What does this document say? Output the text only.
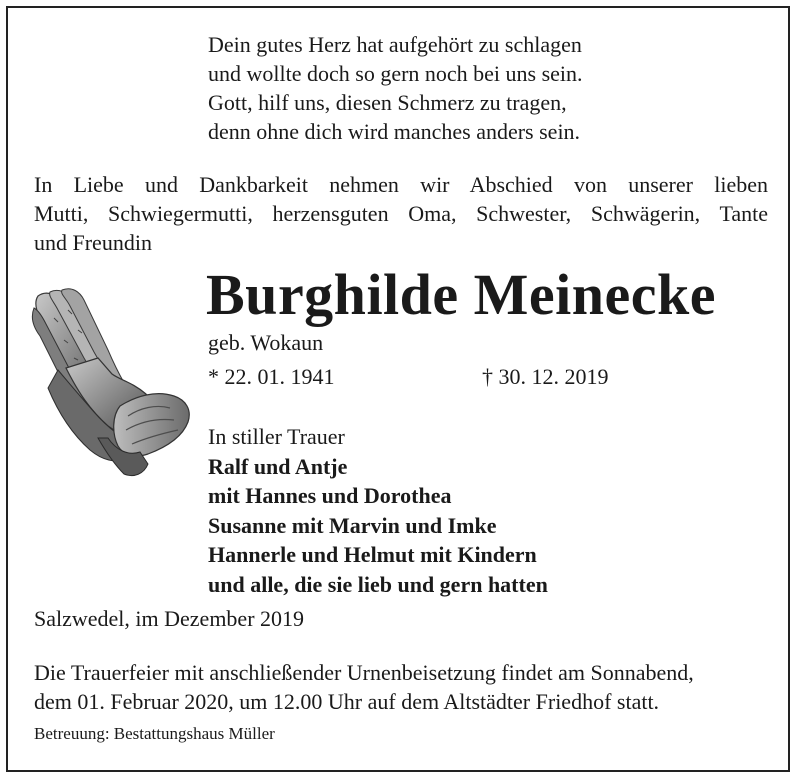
Dein gutes Herz hat aufgehört zu schlagen
und wollte doch so gern noch bei uns sein.
Gott, hilf uns, diesen Schmerz zu tragen,
denn ohne dich wird manches anders sein.
In Liebe und Dankbarkeit nehmen wir Abschied von unserer lieben
Mutti, Schwiegermutti, herzensguten Oma, Schwester, Schwägerin, Tante
und Freundin
Burghilde Meinecke
geb. Wokaun
* 22. 01. 1941	† 30. 12. 2019
In stiller Trauer
Ralf und Antje
mit Hannes und Dorothea
Susanne mit Marvin und Imke
Hannerle und Helmut mit Kindern
und alle, die sie lieb und gern hatten
Salzwedel, im Dezember 2019
Die Trauerfeier mit anschließender Urnenbeisetzung findet am Sonnabend,
dem 01. Februar 2020, um 12.00 Uhr auf dem Altstädter Friedhof statt.
Betreuung: Bestattungshaus Müller
